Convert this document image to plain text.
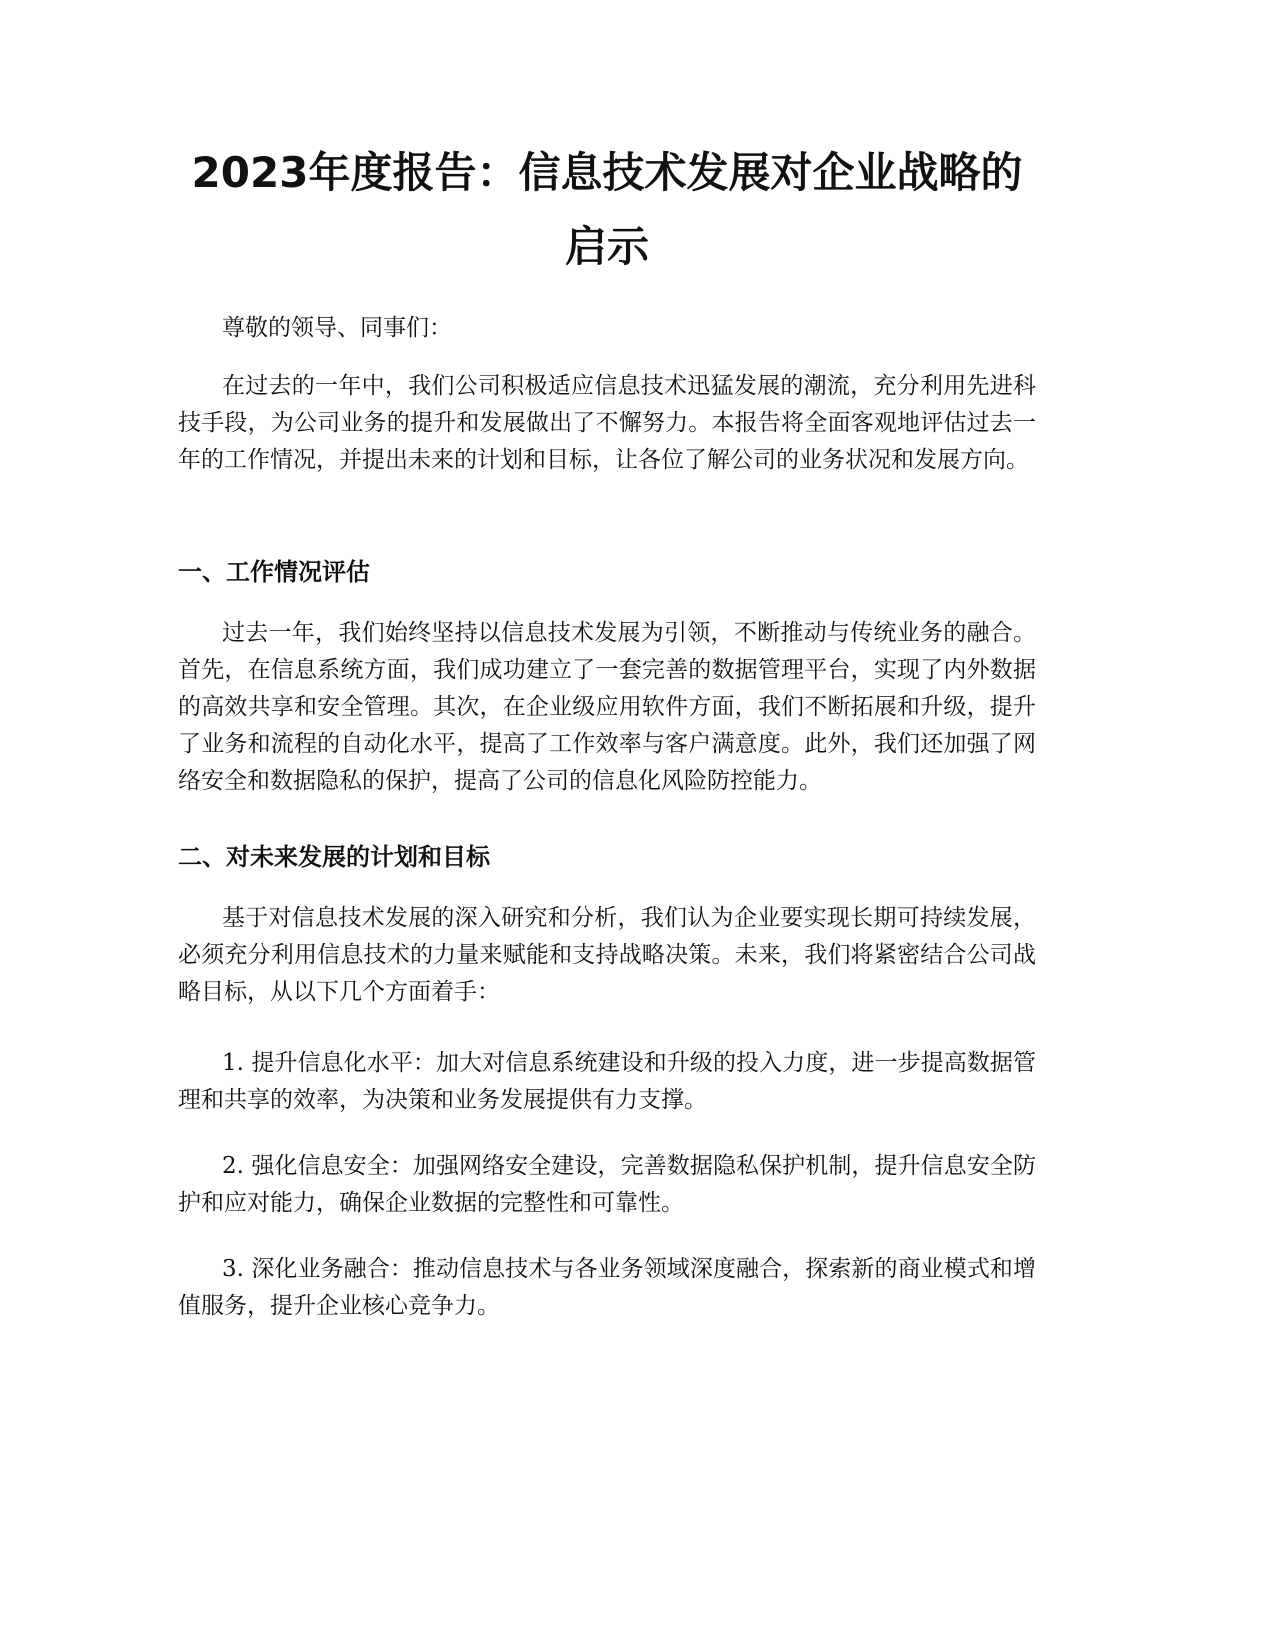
2023年度报告：信息技术发展对企业战略的
启示

尊敬的领导、同事们：

在过去的一年中，我们公司积极适应信息技术迅猛发展的潮流，充分利用先进科技手段，为公司业务的提升和发展做出了不懈努力。本报告将全面客观地评估过去一年的工作情况，并提出未来的计划和目标，让各位了解公司的业务状况和发展方向。

一、工作情况评估

过去一年，我们始终坚持以信息技术发展为引领，不断推动与传统业务的融合。首先，在信息系统方面，我们成功建立了一套完善的数据管理平台，实现了内外数据的高效共享和安全管理。其次，在企业级应用软件方面，我们不断拓展和升级，提升了业务和流程的自动化水平，提高了工作效率与客户满意度。此外，我们还加强了网络安全和数据隐私的保护，提高了公司的信息化风险防控能力。

二、对未来发展的计划和目标

基于对信息技术发展的深入研究和分析，我们认为企业要实现长期可持续发展，必须充分利用信息技术的力量来赋能和支持战略决策。未来，我们将紧密结合公司战略目标，从以下几个方面着手：

1. 提升信息化水平：加大对信息系统建设和升级的投入力度，进一步提高数据管理和共享的效率，为决策和业务发展提供有力支撑。

2. 强化信息安全：加强网络安全建设，完善数据隐私保护机制，提升信息安全防护和应对能力，确保企业数据的完整性和可靠性。

3. 深化业务融合：推动信息技术与各业务领域深度融合，探索新的商业模式和增值服务，提升企业核心竞争力。
